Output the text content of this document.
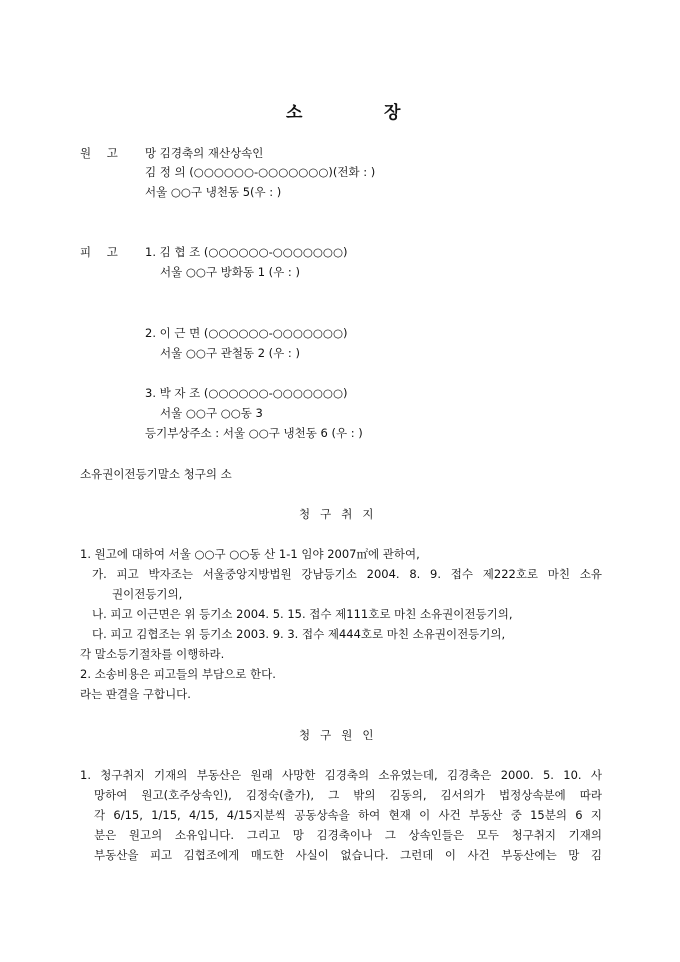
소	장
원 고 망 김경축의 재산상속인
김 정 의 (○○○○○○-○○○○○○○)(전화 : )
서울 ○○구 냉천동 5(우 : )
피 고 1. 김 협 조 (○○○○○○-○○○○○○○)
서울 ○○구 방화동 1 (우 : )
2. 이 근 면 (○○○○○○-○○○○○○○)
서울 ○○구 관철동 2 (우 : )
3. 박 자 조 (○○○○○○-○○○○○○○)
서울 ○○구 ○○동 3
등기부상주소 : 서울 ○○구 냉천동 6 (우 : )
소유권이전등기말소 청구의 소
청구취지
1. 원고에 대하여 서울 ○○구 ○○동 산 1-1 임야 2007㎡에 관하여,
가. 피고 박자조는 서울중앙지방법원 강남등기소 2004. 8. 9. 접수 제222호로 마친 소유
권이전등기의,
나. 피고 이근면은 위 등기소 2004. 5. 15. 접수 제111호로 마친 소유권이전등기의,
다. 피고 김협조는 위 등기소 2003. 9. 3. 접수 제444호로 마친 소유권이전등기의,
각 말소등기절차를 이행하라.
2. 소송비용은 피고들의 부담으로 한다.
라는 판결을 구합니다.
청구원인
1. 청구취지 기재의 부동산은 원래 사망한 김경축의 소유였는데, 김경축은 2000. 5. 10. 사
망하여 원고(호주상속인), 김정숙(출가), 그 밖의 김동의, 김서의가 법정상속분에 따라
각 6/15, 1/15, 4/15, 4/15지분씩 공동상속을 하여 현재 이 사건 부동산 중 15분의 6 지
분은 원고의 소유입니다. 그리고 망 김경축이나 그 상속인들은 모두 청구취지 기재의
부동산을 피고 김협조에게 매도한 사실이 없습니다. 그런데 이 사건 부동산에는 망 김
